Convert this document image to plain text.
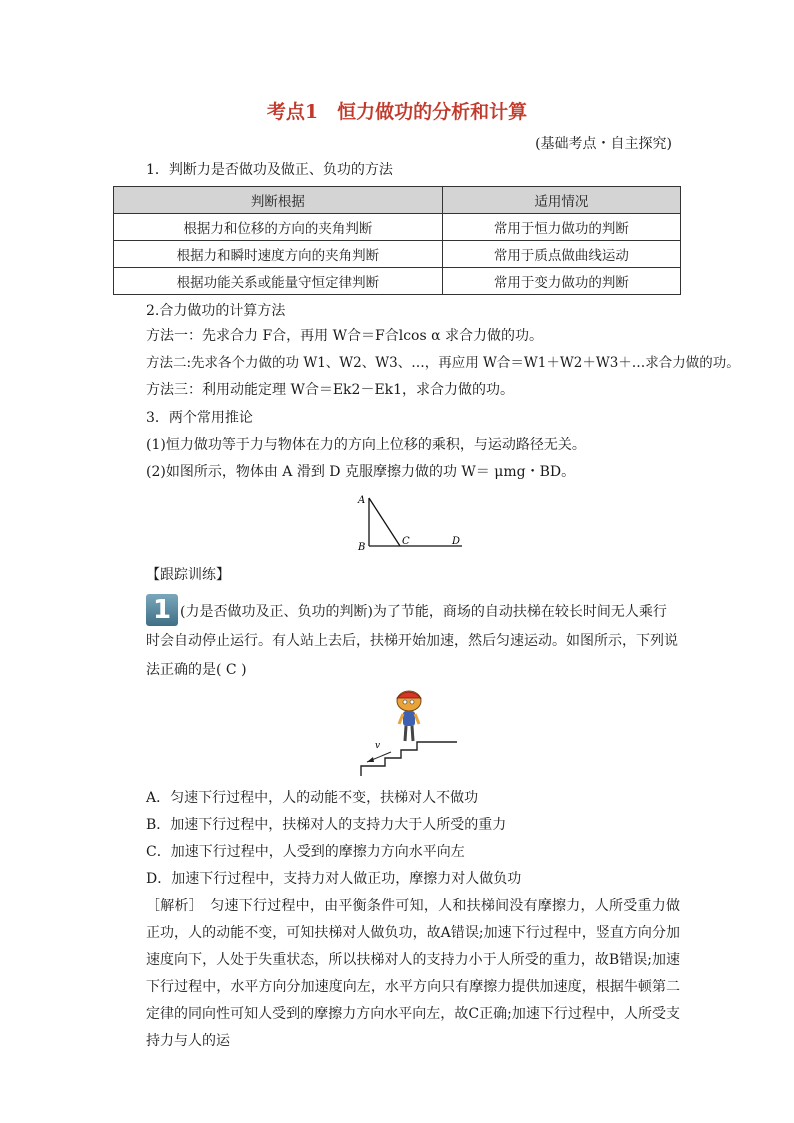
考点1　恒力做功的分析和计算
(基础考点・自主探究)
1．判断力是否做功及做正、负功的方法
判断根据	适用情况
根据力和位移的方向的夹角判断	常用于恒力做功的判断
根据力和瞬时速度方向的夹角判断	常用于质点做曲线运动
根据功能关系或能量守恒定律判断	常用于变力做功的判断
2.合力做功的计算方法
方法一：先求合力 F合，再用 W合＝F合lcos α 求合力做的功。
方法二:先求各个力做的功 W1、W2、W3、…，再应用 W合＝W1＋W2＋W3＋…求合力做的功。
方法三：利用动能定理 W合＝Ek2－Ek1，求合力做的功。
3．两个常用推论
(1)恒力做功等于力与物体在力的方向上位移的乘积，与运动路径无关。
(2)如图所示，物体由 A 滑到 D 克服摩擦力做的功 W＝ μmg・BD。
A
B
C	D
【跟踪训练】
1 (力是否做功及正、负功的判断)为了节能，商场的自动扶梯在较长时间无人乘行时会自动停止运行。有人站上去后，扶梯开始加速，然后匀速运动。如图所示，下列说法正确的是( C )
v
A．匀速下行过程中，人的动能不变，扶梯对人不做功
B．加速下行过程中，扶梯对人的支持力大于人所受的重力
C．加速下行过程中，人受到的摩擦力方向水平向左
D．加速下行过程中，支持力对人做正功，摩擦力对人做负功
［解析］　匀速下行过程中，由平衡条件可知，人和扶梯间没有摩擦力，人所受重力做正功，人的动能不变，可知扶梯对人做负功，故A错误;加速下行过程中，竖直方向分加速度向下，人处于失重状态，所以扶梯对人的支持力小于人所受的重力，故B错误;加速下行过程中，水平方向分加速度向左，水平方向只有摩擦力提供加速度，根据牛顿第二定律的同向性可知人受到的摩擦力方向水平向左，故C正确;加速下行过程中，人所受支持力与人的运
